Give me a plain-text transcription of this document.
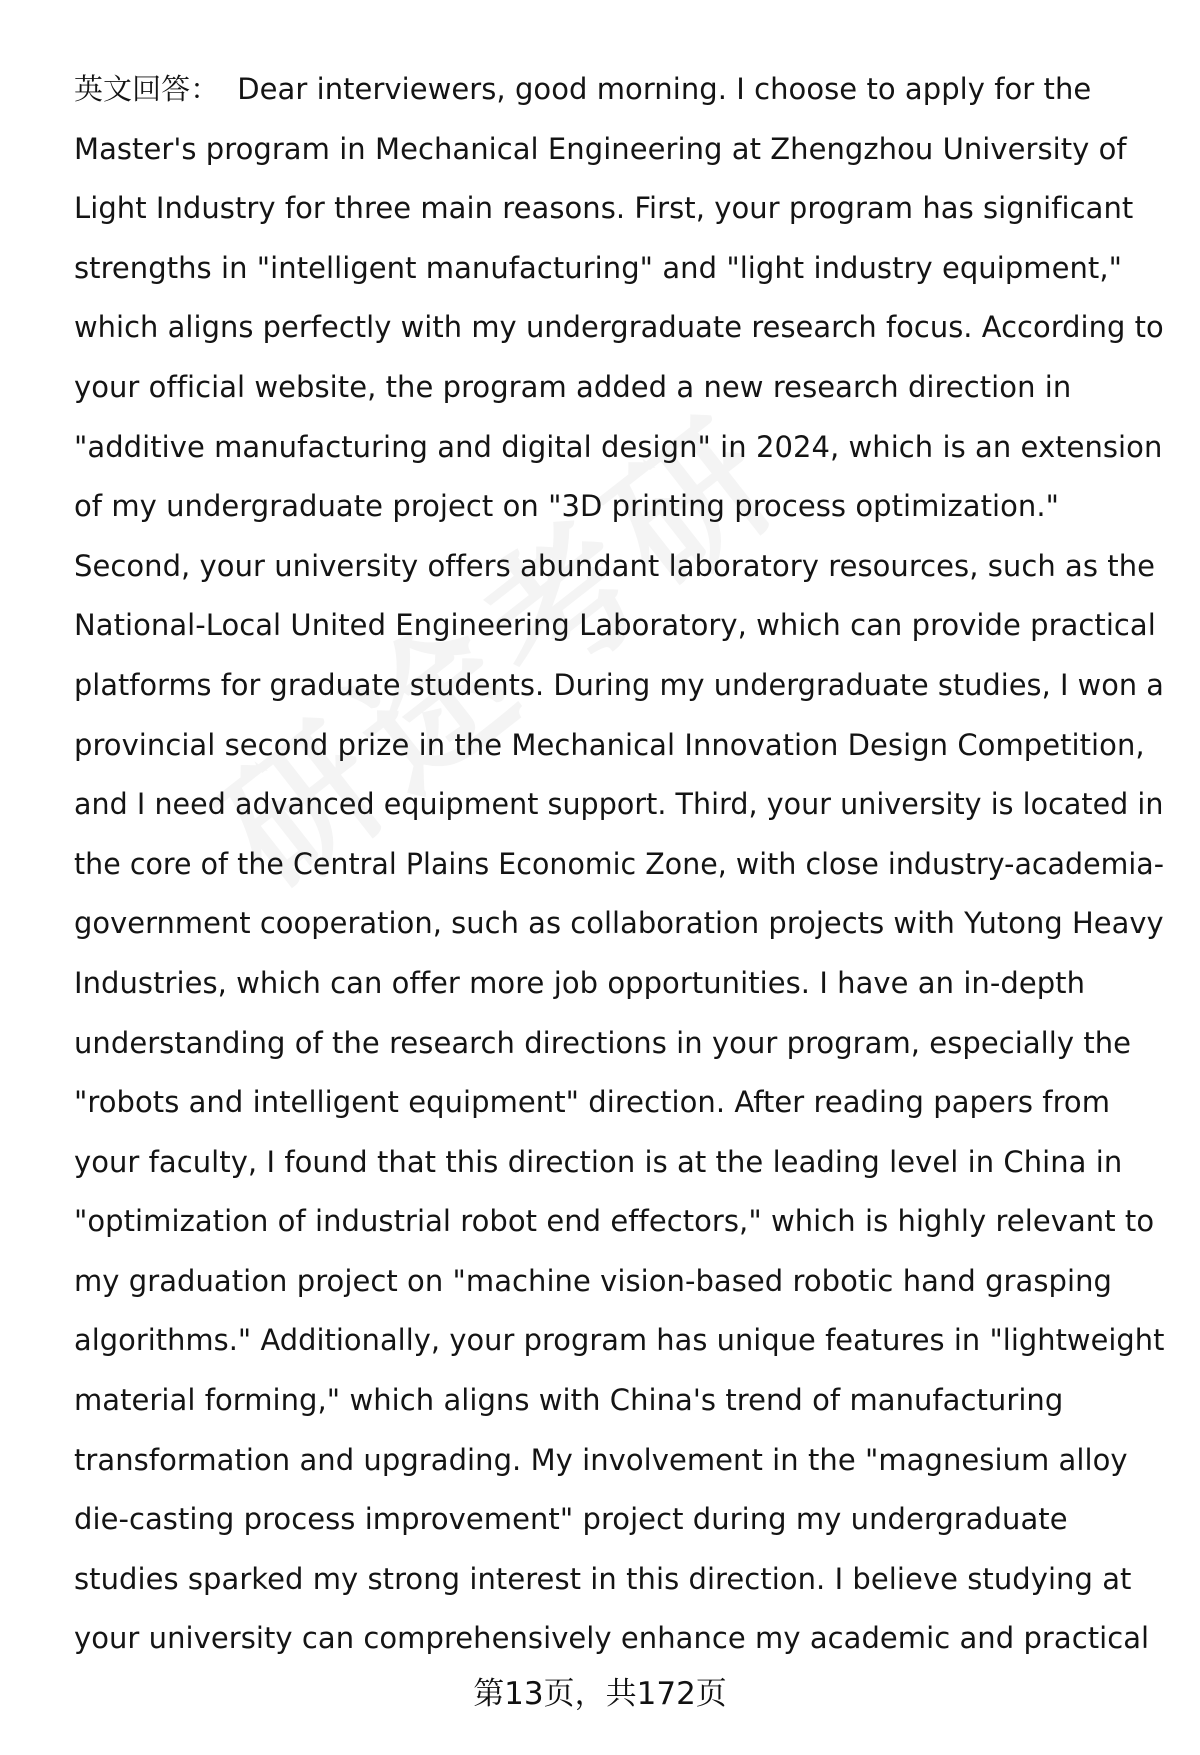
英文回答： Dear interviewers, good morning. I choose to apply for the
Master's program in Mechanical Engineering at Zhengzhou University of
Light Industry for three main reasons. First, your program has significant
strengths in "intelligent manufacturing" and "light industry equipment,"
which aligns perfectly with my undergraduate research focus. According to
your official website, the program added a new research direction in
"additive manufacturing and digital design" in 2024, which is an extension
of my undergraduate project on "3D printing process optimization."
Second, your university offers abundant laboratory resources, such as the
National-Local United Engineering Laboratory, which can provide practical
platforms for graduate students. During my undergraduate studies, I won a
provincial second prize in the Mechanical Innovation Design Competition,
and I need advanced equipment support. Third, your university is located in
the core of the Central Plains Economic Zone, with close industry-academia-
government cooperation, such as collaboration projects with Yutong Heavy
Industries, which can offer more job opportunities. I have an in-depth
understanding of the research directions in your program, especially the
"robots and intelligent equipment" direction. After reading papers from
your faculty, I found that this direction is at the leading level in China in
"optimization of industrial robot end effectors," which is highly relevant to
my graduation project on "machine vision-based robotic hand grasping
algorithms." Additionally, your program has unique features in "lightweight
material forming," which aligns with China's trend of manufacturing
transformation and upgrading. My involvement in the "magnesium alloy
die-casting process improvement" project during my undergraduate
studies sparked my strong interest in this direction. I believe studying at
your university can comprehensively enhance my academic and practical
第13页，共172页
